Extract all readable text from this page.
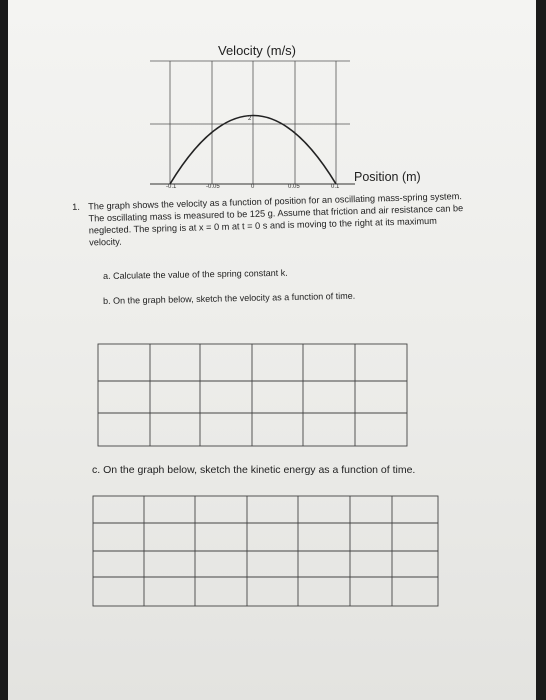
Velocity (m/s)
2
-0.1	-0.05	0	0.05	0.1
Position (m)
1. The graph shows the velocity as a function of position for an oscillating mass-spring system. The oscillating mass is measured to be 125 g. Assume that friction and air resistance can be neglected. The spring is at x = 0 m at t = 0 s and is moving to the right at its maximum velocity.
a. Calculate the value of the spring constant k.
b. On the graph below, sketch the velocity as a function of time.
c. On the graph below, sketch the kinetic energy as a function of time.
